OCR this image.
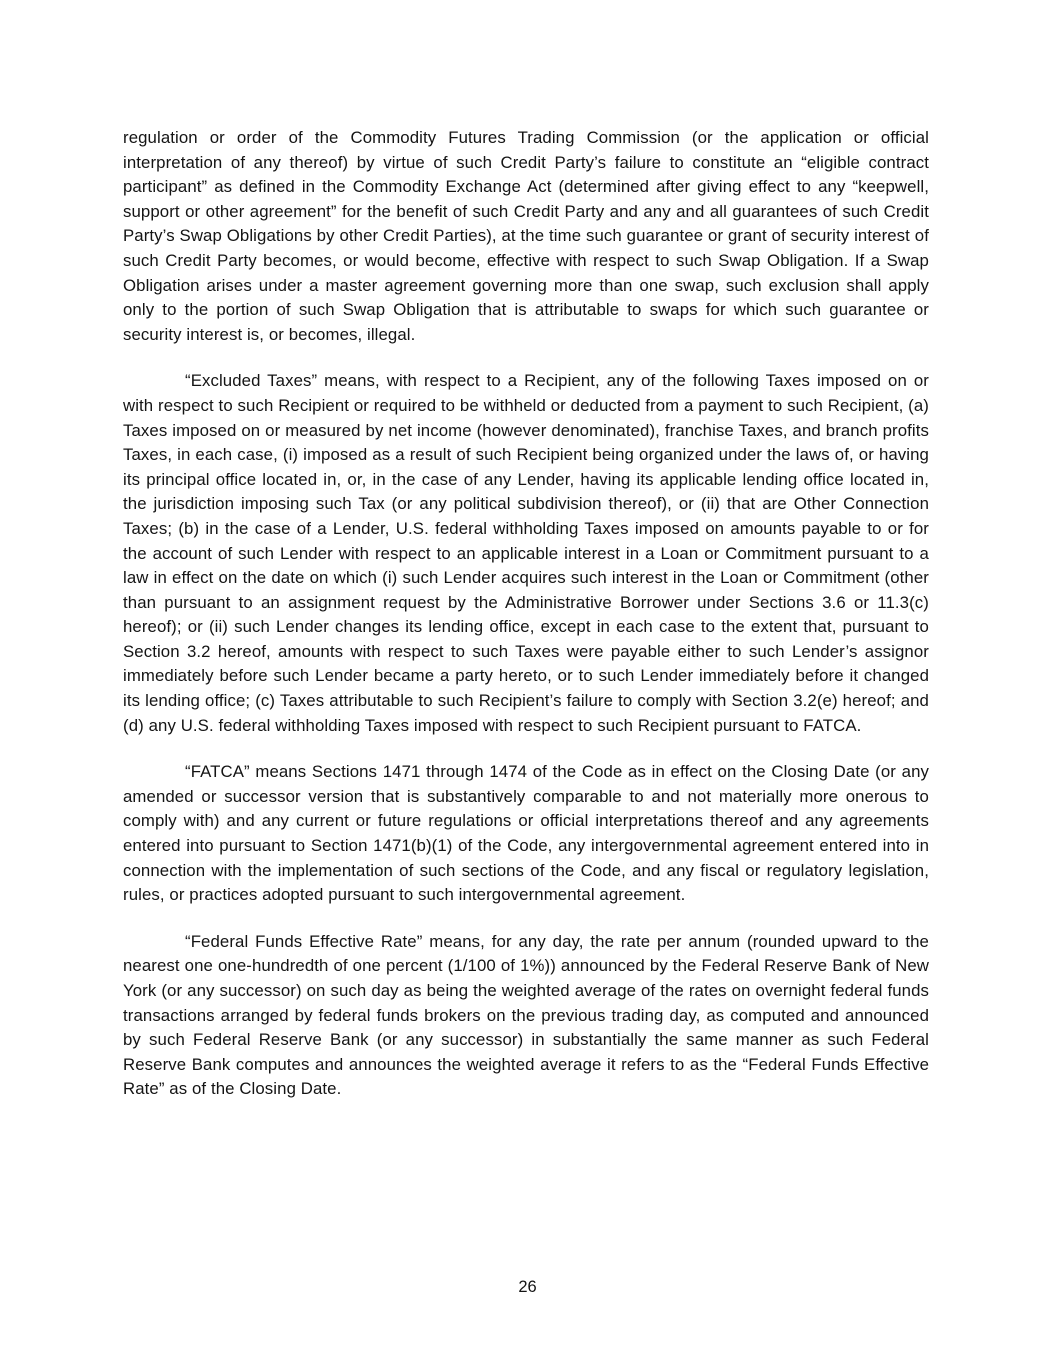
regulation or order of the Commodity Futures Trading Commission (or the application or official interpretation of any thereof) by virtue of such Credit Party’s failure to constitute an “eligible contract participant” as defined in the Commodity Exchange Act (determined after giving effect to any “keepwell, support or other agreement” for the benefit of such Credit Party and any and all guarantees of such Credit Party’s Swap Obligations by other Credit Parties), at the time such guarantee or grant of security interest of such Credit Party becomes, or would become, effective with respect to such Swap Obligation. If a Swap Obligation arises under a master agreement governing more than one swap, such exclusion shall apply only to the portion of such Swap Obligation that is attributable to swaps for which such guarantee or security interest is, or becomes, illegal.

“Excluded Taxes” means, with respect to a Recipient, any of the following Taxes imposed on or with respect to such Recipient or required to be withheld or deducted from a payment to such Recipient, (a) Taxes imposed on or measured by net income (however denominated), franchise Taxes, and branch profits Taxes, in each case, (i) imposed as a result of such Recipient being organized under the laws of, or having its principal office located in, or, in the case of any Lender, having its applicable lending office located in, the jurisdiction imposing such Tax (or any political subdivision thereof), or (ii) that are Other Connection Taxes; (b) in the case of a Lender, U.S. federal withholding Taxes imposed on amounts payable to or for the account of such Lender with respect to an applicable interest in a Loan or Commitment pursuant to a law in effect on the date on which (i) such Lender acquires such interest in the Loan or Commitment (other than pursuant to an assignment request by the Administrative Borrower under Sections 3.6 or 11.3(c) hereof); or (ii) such Lender changes its lending office, except in each case to the extent that, pursuant to Section 3.2 hereof, amounts with respect to such Taxes were payable either to such Lender’s assignor immediately before such Lender became a party hereto, or to such Lender immediately before it changed its lending office; (c) Taxes attributable to such Recipient’s failure to comply with Section 3.2(e) hereof; and (d) any U.S. federal withholding Taxes imposed with respect to such Recipient pursuant to FATCA.

“FATCA” means Sections 1471 through 1474 of the Code as in effect on the Closing Date (or any amended or successor version that is substantively comparable to and not materially more onerous to comply with) and any current or future regulations or official interpretations thereof and any agreements entered into pursuant to Section 1471(b)(1) of the Code, any intergovernmental agreement entered into in connection with the implementation of such sections of the Code, and any fiscal or regulatory legislation, rules, or practices adopted pursuant to such intergovernmental agreement.

“Federal Funds Effective Rate” means, for any day, the rate per annum (rounded upward to the nearest one one-hundredth of one percent (1/100 of 1%)) announced by the Federal Reserve Bank of New York (or any successor) on such day as being the weighted average of the rates on overnight federal funds transactions arranged by federal funds brokers on the previous trading day, as computed and announced by such Federal Reserve Bank (or any successor) in substantially the same manner as such Federal Reserve Bank computes and announces the weighted average it refers to as the “Federal Funds Effective Rate” as of the Closing Date.

26
